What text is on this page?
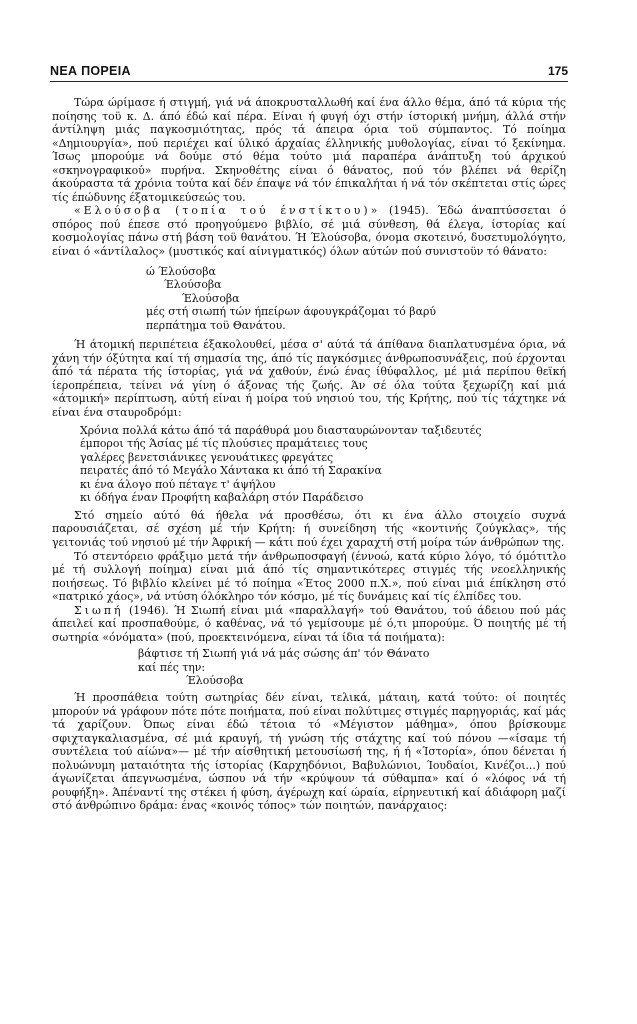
ΝΕΑ ΠΟΡΕΙΑ	175

Τώρα ώρίμασε ή στιγμή, γιά νά άποκρυσταλλωθή καί ένα άλλο θέμα, άπό τά κύρια τής ποίησης τοϋ κ. Δ. άπό έδώ καί πέρα. Είναι ή φυγή όχι στήν ίστορική μνήμη, άλλά στήν άντίληψη μιάς παγκοσμιότητας, πρός τά άπειρα όρια τοϋ σύμπαντος. Τό ποίημα «Δημιουργία», πού περιέχει καί ύλικό άρχαίας έλληνικής μυθολογίας, είναι τό ξεκίνημα. Ίσως μπορούμε νά δούμε στό θέμα τούτο μιά παραπέρα άνάπτυξη τού άρχικού «σκηνογραφικού» πυρήνα. Σκηνοθέτης είναι ό θάνατος, πού τόν βλέπει νά θερίζη άκούραστα τά χρόνια τούτα καί δέν έπαψε νά τόν έπικαλήται ή νά τόν σκέπτεται στίς ώρες τίς έπώδυνης έξατομικεύσεώς του.

«Ελούσοβα (τοπία τού ένστίκτου)» (1945). Έδώ άναπτύσσεται ό σπόρος πού έπεσε στό προηγούμενο βιβλίο, σέ μιά σύνθεση, θά έλεγα, ίστορίας καί κοσμολογίας πάνω στή βάση τοϋ θανάτου. Ή Έλούσοβα, όνομα σκοτεινό, δυσετυμολόγητο, είναι ό «άντίλαλος» (μυστικός καί αίνιγματικός) όλων αύτών πού συνιστοϋν τό θάνατο:

ώ Έλούσοβα
Έλούσοβα
Έλούσοβα
μές στή σιωπή τών ήπείρων άφουγκράζομαι τό βαρύ
περπάτημα τοϋ Θανάτου.

Ή άτομική περιπέτεια έξακολουθεί, μέσα σ' αύτά τά άπίθανα διαπλατυσμένα όρια, νά χάνη τήν όξύτητα καί τή σημασία της, άπό τίς παγκόσμιες άνθρωποσυνάξεις, πού έρχονται άπό τά πέρατα τής ίστορίας, γιά νά χαθούν, ένώ ένας ίθύφαλλος, μέ μιά περίπου θεϊκή ίεροπρέπεια, τείνει νά γίνη ό άξονας τής ζωής. Άν σέ όλα τούτα ξεχωρίζη καί μιά «άτομική» περίπτωση, αύτή είναι ή μοίρα τού νησιού του, τής Κρήτης, πού τίς τάχτηκε νά είναι ένα σταυροδρόμι:

Χρόνια πολλά κάτω άπό τά παράθυρά μου διασταυρώνονταν ταξιδευτές
έμποροι τής Άσίας μέ τίς πλούσιες πραμάτειες τους
γαλέρες βενετσιάνικες γενουάτικες φρεγάτες
πειρατές άπό τό Μεγάλο Χάντακα κι άπό τή Σαρακίνα
κι ένα άλογο πού πέταγε τ' άψήλου
κι όδήγα έναν Προφήτη καβαλάρη στόν Παράδεισο

Στό σημείο αύτό θά ήθελα νά προσθέσω, ότι κι ένα άλλο στοιχείο συχνά παρουσιάζεται, σέ σχέση μέ τήν Κρήτη: ή συνείδηση τής «κοντινής ζούγκλας», τής γειτονιάς τού νησιού μέ τήν Άφρική — κάτι πού έχει χαραχτή στή μοίρα τών άνθρώπων της.

Τό στεντόρειο φράξιμο μετά τήν άνθρωποσφαγή (έννοώ, κατά κύριο λόγο, τό όμότιτλο μέ τή συλλογή ποίημα) είναι μιά άπό τίς σημαντικότερες στιγμές τής νεοελληνικής ποιήσεως. Τό βιβλίο κλείνει μέ τό ποίημα «Έτος 2000 π.Χ.», πού είναι μιά έπίκληση στό «πατρικό χάος», νά ντύση όλόκληρο τόν κόσμο, μέ τίς δυνάμεις καί τίς έλπίδες του.

Σιωπή (1946). Ή Σιωπή είναι μιά «παραλλαγή» τού Θανάτου, τού άδειου πού μάς άπειλεί καί προσπαθούμε, ό καθένας, νά τό γεμίσουμε μέ ό,τι μπορούμε. Ό ποιητής μέ τή σωτηρία «όνόματα» (πού, προεκτεινόμενα, είναι τά ίδια τά ποιήματα):

βάφτισε τή Σιωπή γιά νά μάς σώσης άπ' τόν Θάνατο
καί πές την:
Έλούσοβα

Ή προσπάθεια τούτη σωτηρίας δέν είναι, τελικά, μάταιη, κατά τούτο: οί ποιητές μπορούν νά γράφουν πότε πότε ποιήματα, πού είναι πολύτιμες στιγμές παρηγοριάς, καί μάς τά χαρίζουν. Όπως είναι έδώ τέτοια τό «Μέγιστον μάθημα», όπου βρίσκουμε σφιχταγκαλιασμένα, σέ μιά κραυγή, τή γνώση τής στάχτης καί τού πόνου —«ίσαμε τή συντέλεια τού αίώνα»— μέ τήν αίσθητική μετουσίωσή της, ή ή «Ίστορία», όπου δένεται ή πολυώνυμη ματαιότητα τής ίστορίας (Καρχηδόνιοι, Βαβυλώνιοι, Ίουδαίοι, Κινέζοι...) πού άγωνίζεται άπεγνωσμένα, ώσπου νά τήν «κρύψουν τά σύθαμπα» καί ό «λόφος νά τή ρουφήξη». Άπέναντί της στέκει ή φύση, άγέρωχη καί ώραία, είρηνευτική καί άδιάφορη μαζί στό άνθρώπινο δράμα: ένας «κοινός τόπος» τών ποιητών, πανάρχαιος:
